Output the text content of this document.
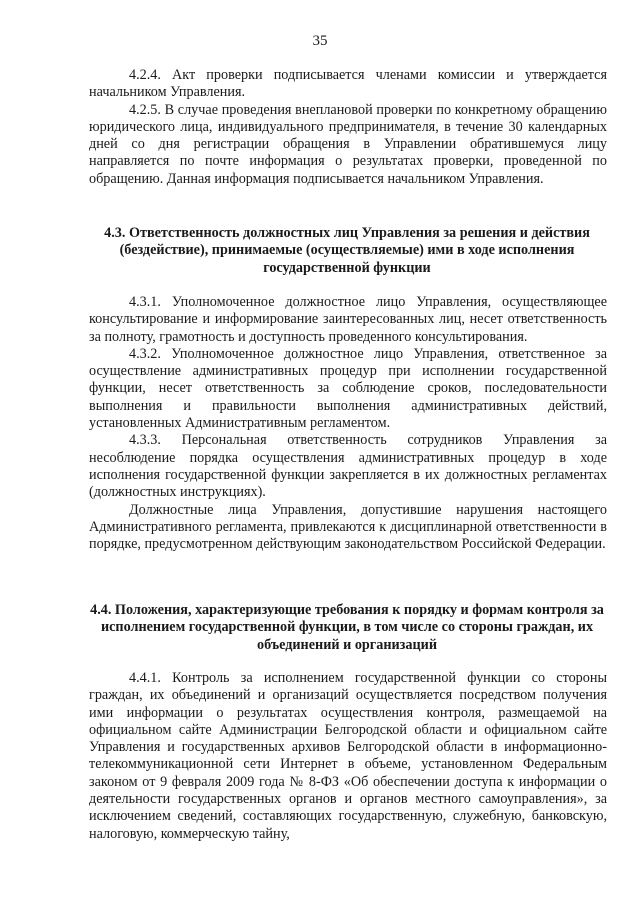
35

4.2.4. Акт проверки подписывается членами комиссии и утверждается начальником Управления.

4.2.5. В случае проведения внеплановой проверки по конкретному обращению юридического лица, индивидуального предпринимателя, в течение 30 календарных дней со дня регистрации обращения в Управлении обратившемуся лицу направляется по почте информация о результатах проверки, проведенной по обращению. Данная информация подписывается начальником Управления.

4.3. Ответственность должностных лиц Управления за решения и действия (бездействие), принимаемые (осуществляемые) ими в ходе исполнения государственной функции

4.3.1. Уполномоченное должностное лицо Управления, осуществляющее консультирование и информирование заинтересованных лиц, несет ответственность за полноту, грамотность и доступность проведенного консультирования.

4.3.2. Уполномоченное должностное лицо Управления, ответственное за осуществление административных процедур при исполнении государственной функции, несет ответственность за соблюдение сроков, последовательности выполнения и правильности выполнения административных действий, установленных Административным регламентом.

4.3.3. Персональная ответственность сотрудников Управления за несоблюдение порядка осуществления административных процедур в ходе исполнения государственной функции закрепляется в их должностных регламентах (должностных инструкциях).

Должностные лица Управления, допустившие нарушения настоящего Административного регламента, привлекаются к дисциплинарной ответственности в порядке, предусмотренном действующим законодательством Российской Федерации.

4.4. Положения, характеризующие требования к порядку и формам контроля за исполнением государственной функции, в том числе со стороны граждан, их объединений и организаций

4.4.1. Контроль за исполнением государственной функции со стороны граждан, их объединений и организаций осуществляется посредством получения ими информации о результатах осуществления контроля, размещаемой на официальном сайте Администрации Белгородской области и официальном сайте Управления и государственных архивов Белгородской области в информационно-телекоммуникационной сети Интернет в объеме, установленном Федеральным законом от 9 февраля 2009 года № 8-ФЗ «Об обеспечении доступа к информации о деятельности государственных органов и органов местного самоуправления», за исключением сведений, составляющих государственную, служебную, банковскую, налоговую, коммерческую тайну,
